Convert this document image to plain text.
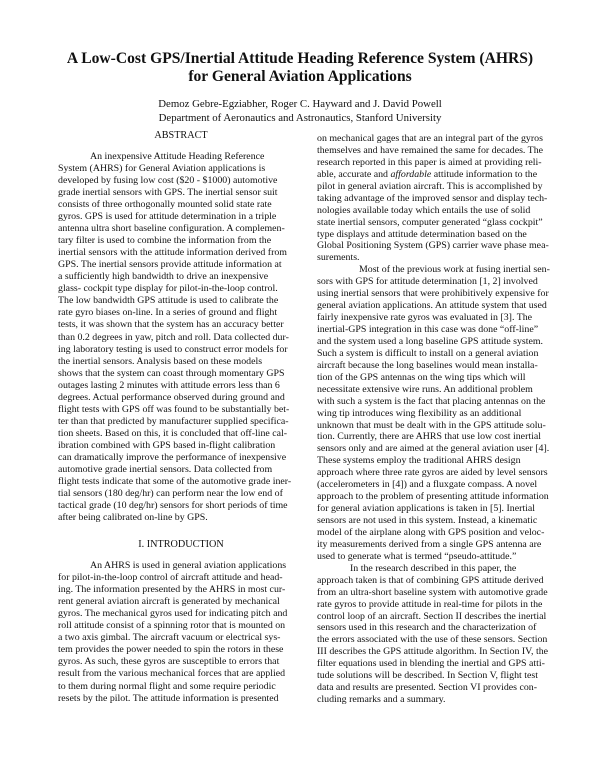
A Low-Cost GPS/Inertial Attitude Heading Reference System (AHRS)
for General Aviation Applications
Demoz Gebre-Egziabher, Roger C. Hayward and J. David Powell
Department of Aeronautics and Astronautics, Stanford University
ABSTRACT
An inexpensive Attitude Heading Reference
System (AHRS) for General Aviation applications is
developed by fusing low cost ($20 - $1000) automotive
grade inertial sensors with GPS. The inertial sensor suit
consists of three orthogonally mounted solid state rate
gyros. GPS is used for attitude determination in a triple
antenna ultra short baseline configuration. A complemen-
tary filter is used to combine the information from the
inertial sensors with the attitude information derived from
GPS. The inertial sensors provide attitude information at
a sufficiently high bandwidth to drive an inexpensive
glass- cockpit type display for pilot-in-the-loop control.
The low bandwidth GPS attitude is used to calibrate the
rate gyro biases on-line. In a series of ground and flight
tests, it was shown that the system has an accuracy better
than 0.2 degrees in yaw, pitch and roll. Data collected dur-
ing laboratory testing is used to construct error models for
the inertial sensors. Analysis based on these models
shows that the system can coast through momentary GPS
outages lasting 2 minutes with attitude errors less than 6
degrees. Actual performance observed during ground and
flight tests with GPS off was found to be substantially bet-
ter than that predicted by manufacturer supplied specifica-
tion sheets. Based on this, it is concluded that off-line cal-
ibration combined with GPS based in-flight calibration
can dramatically improve the performance of inexpensive
automotive grade inertial sensors. Data collected from
flight tests indicate that some of the automotive grade iner-
tial sensors (180 deg/hr) can perform near the low end of
tactical grade (10 deg/hr) sensors for short periods of time
after being calibrated on-line by GPS.
I. INTRODUCTION
An AHRS is used in general aviation applications
for pilot-in-the-loop control of aircraft attitude and head-
ing. The information presented by the AHRS in most cur-
rent general aviation aircraft is generated by mechanical
gyros. The mechanical gyros used for indicating pitch and
roll attitude consist of a spinning rotor that is mounted on
a two axis gimbal. The aircraft vacuum or electrical sys-
tem provides the power needed to spin the rotors in these
gyros. As such, these gyros are susceptible to errors that
result from the various mechanical forces that are applied
to them during normal flight and some require periodic
resets by the pilot. The attitude information is presented
on mechanical gages that are an integral part of the gyros
themselves and have remained the same for decades. The
research reported in this paper is aimed at providing reli-
able, accurate and affordable attitude information to the
pilot in general aviation aircraft. This is accomplished by
taking advantage of the improved sensor and display tech-
nologies available today which entails the use of solid
state inertial sensors, computer generated “glass cockpit”
type displays and attitude determination based on the
Global Positioning System (GPS) carrier wave phase mea-
surements.
Most of the previous work at fusing inertial sen-
sors with GPS for attitude determination [1, 2] involved
using inertial sensors that were prohibitively expensive for
general aviation applications. An attitude system that used
fairly inexpensive rate gyros was evaluated in [3]. The
inertial-GPS integration in this case was done “off-line”
and the system used a long baseline GPS attitude system.
Such a system is difficult to install on a general aviation
aircraft because the long baselines would mean installa-
tion of the GPS antennas on the wing tips which will
necessitate extensive wire runs. An additional problem
with such a system is the fact that placing antennas on the
wing tip introduces wing flexibility as an additional
unknown that must be dealt with in the GPS attitude solu-
tion. Currently, there are AHRS that use low cost inertial
sensors only and are aimed at the general aviation user [4].
These systems employ the traditional AHRS design
approach where three rate gyros are aided by level sensors
(accelerometers in [4]) and a fluxgate compass. A novel
approach to the problem of presenting attitude information
for general aviation applications is taken in [5]. Inertial
sensors are not used in this system. Instead, a kinematic
model of the airplane along with GPS position and veloc-
ity measurements derived from a single GPS antenna are
used to generate what is termed “pseudo-attitude.”
In the research described in this paper, the
approach taken is that of combining GPS attitude derived
from an ultra-short baseline system with automotive grade
rate gyros to provide attitude in real-time for pilots in the
control loop of an aircraft. Section II describes the inertial
sensors used in this research and the characterization of
the errors associated with the use of these sensors. Section
III describes the GPS attitude algorithm. In Section IV, the
filter equations used in blending the inertial and GPS atti-
tude solutions will be described. In Section V, flight test
data and results are presented. Section VI provides con-
cluding remarks and a summary.
